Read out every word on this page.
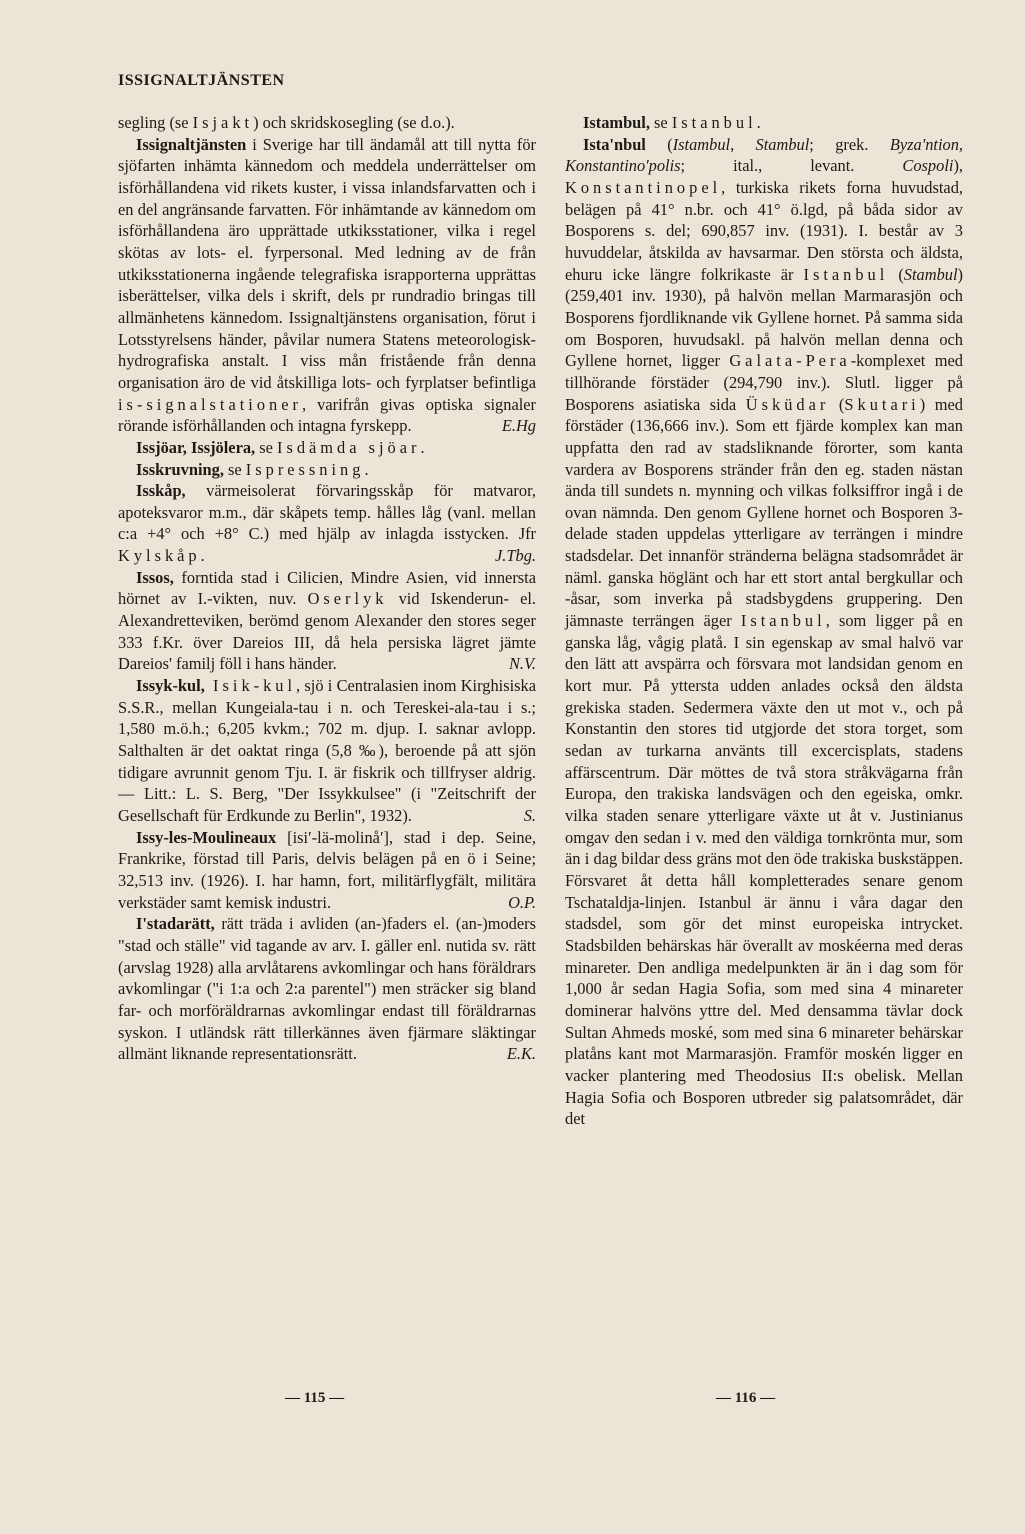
ISSIGNALTJÄNSTEN

segling (se Isjakt) och skridskosegling (se d.o.).

Issignaltjänsten i Sverige har till ändamål att till nytta för sjöfarten inhämta kännedom och meddela underrättelser om isförhållandena vid rikets kuster, i vissa inlandsfarvatten och i en del angränsande farvatten. För inhämtande av kännedom om isförhållandena äro upprättade utkiksstationer, vilka i regel skötas av lots- el. fyrpersonal. Med ledning av de från utkiksstationerna ingående telegrafiska israpporterna upprättas isberättelser, vilka dels i skrift, dels pr rundradio bringas till allmänhetens kännedom. Issignaltjänstens organisation, förut i Lotsstyrelsens händer, påvilar numera Statens meteorologisk-hydrografiska anstalt. I viss mån fristående från denna organisation äro de vid åtskilliga lots- och fyrplatser befintliga is-signalstationer, varifrån givas optiska signaler rörande isförhållanden och intagna fyrskepp.	E.Hg

Issjöar, Issjölera, se Isdämda sjöar.

Isskruvning, se Ispressning.

Isskåp, värmeisolerat förvaringsskåp för matvaror, apoteksvaror m.m., där skåpets temp. hålles låg (vanl. mellan c:a +4° och +8° C.) med hjälp av inlagda isstycken. Jfr Kylskåp.	J.Tbg.

Issos, forntida stad i Cilicien, Mindre Asien, vid innersta hörnet av I.-vikten, nuv. Oserlyk vid Iskenderun- el. Alexandretteviken, berömd genom Alexander den stores seger 333 f.Kr. över Dareios III, då hela persiska lägret jämte Dareios' familj föll i hans händer.	N.V.

Issyk-kul, Isik-kul, sjö i Centralasien inom Kirghisiska S.S.R., mellan Kungeiala-tau i n. och Tereskei-ala-tau i s.; 1,580 m.ö.h.; 6,205 kvkm.; 702 m. djup. I. saknar avlopp. Salthalten är det oaktat ringa (5,8 ‰), beroende på att sjön tidigare avrunnit genom Tju. I. är fiskrik och tillfryser aldrig. — Litt.: L. S. Berg, "Der Issykkulsee" (i "Zeitschrift der Gesellschaft für Erdkunde zu Berlin", 1932).	S.

Issy-les-Moulineaux [isi′-lä-molinå′], stad i dep. Seine, Frankrike, förstad till Paris, delvis belägen på en ö i Seine; 32,513 inv. (1926). I. har hamn, fort, militärflygfält, militära verkstäder samt kemisk industri.	O.P.

I'stadarätt, rätt träda i avliden (an-)faders el. (an-)moders "stad och ställe" vid tagande av arv. I. gäller enl. nutida sv. rätt (arvslag 1928) alla arvlåtarens avkomlingar och hans föräldrars avkomlingar ("i 1:a och 2:a parentel") men sträcker sig bland far- och morföräldrarnas avkomlingar endast till föräldrarnas syskon. I utländsk rätt tillerkännes även fjärmare släktingar allmänt liknande representationsrätt.	E.K.

Istambul, se Istanbul.

Ista'nbul (Istambul, Stambul; grek. Byza'ntion, Konstantino'polis; ital., levant. Cospoli), Konstantinopel, turkiska rikets forna huvudstad, belägen på 41° n.br. och 41° ö.lgd, på båda sidor av Bosporens s. del; 690,857 inv. (1931). I. består av 3 huvuddelar, åtskilda av havsarmar. Den största och äldsta, ehuru icke längre folkrikaste är Istanbul (Stambul) (259,401 inv. 1930), på halvön mellan Marmarasjön och Bosporens fjordliknande vik Gyllene hornet. På samma sida om Bosporen, huvudsakl. på halvön mellan denna och Gyllene hornet, ligger Galata-Pera-komplexet med tillhörande förstäder (294,790 inv.). Slutl. ligger på Bosporens asiatiska sida Üsküdar (Skutari) med förstäder (136,666 inv.). Som ett fjärde komplex kan man uppfatta den rad av stadsliknande förorter, som kanta vardera av Bosporens stränder från den eg. staden nästan ända till sundets n. mynning och vilkas folksiffror ingå i de ovan nämnda. Den genom Gyllene hornet och Bosporen 3-delade staden uppdelas ytterligare av terrängen i mindre stadsdelar. Det innanför stränderna belägna stadsområdet är näml. ganska höglänt och har ett stort antal bergkullar och -åsar, som inverka på stadsbygdens gruppering. Den jämnaste terrängen äger Istanbul, som ligger på en ganska låg, vågig platå. I sin egenskap av smal halvö var den lätt att avspärra och försvara mot landsidan genom en kort mur. På yttersta udden anlades också den äldsta grekiska staden. Sedermera växte den ut mot v., och på Konstantin den stores tid utgjorde det stora torget, som sedan av turkarna använts till excercisplats, stadens affärscentrum. Där möttes de två stora stråkvägarna från Europa, den trakiska landsvägen och den egeiska, omkr. vilka staden senare ytterligare växte ut åt v. Justinianus omgav den sedan i v. med den väldiga tornkrönta mur, som än i dag bildar dess gräns mot den öde trakiska buskstäppen. Försvaret åt detta håll kompletterades senare genom Tschataldja-linjen. Istanbul är ännu i våra dagar den stadsdel, som gör det minst europeiska intrycket. Stadsbilden behärskas här överallt av moskéerna med deras minareter. Den andliga medelpunkten är än i dag som för 1,000 år sedan Hagia Sofia, som med sina 4 minareter dominerar halvöns yttre del. Med densamma tävlar dock Sultan Ahmeds moské, som med sina 6 minareter behärskar platåns kant mot Marmarasjön. Framför moskén ligger en vacker plantering med Theodosius II:s obelisk. Mellan Hagia Sofia och Bosporen utbreder sig palatsområdet, där det

— 115 —	— 116 —
